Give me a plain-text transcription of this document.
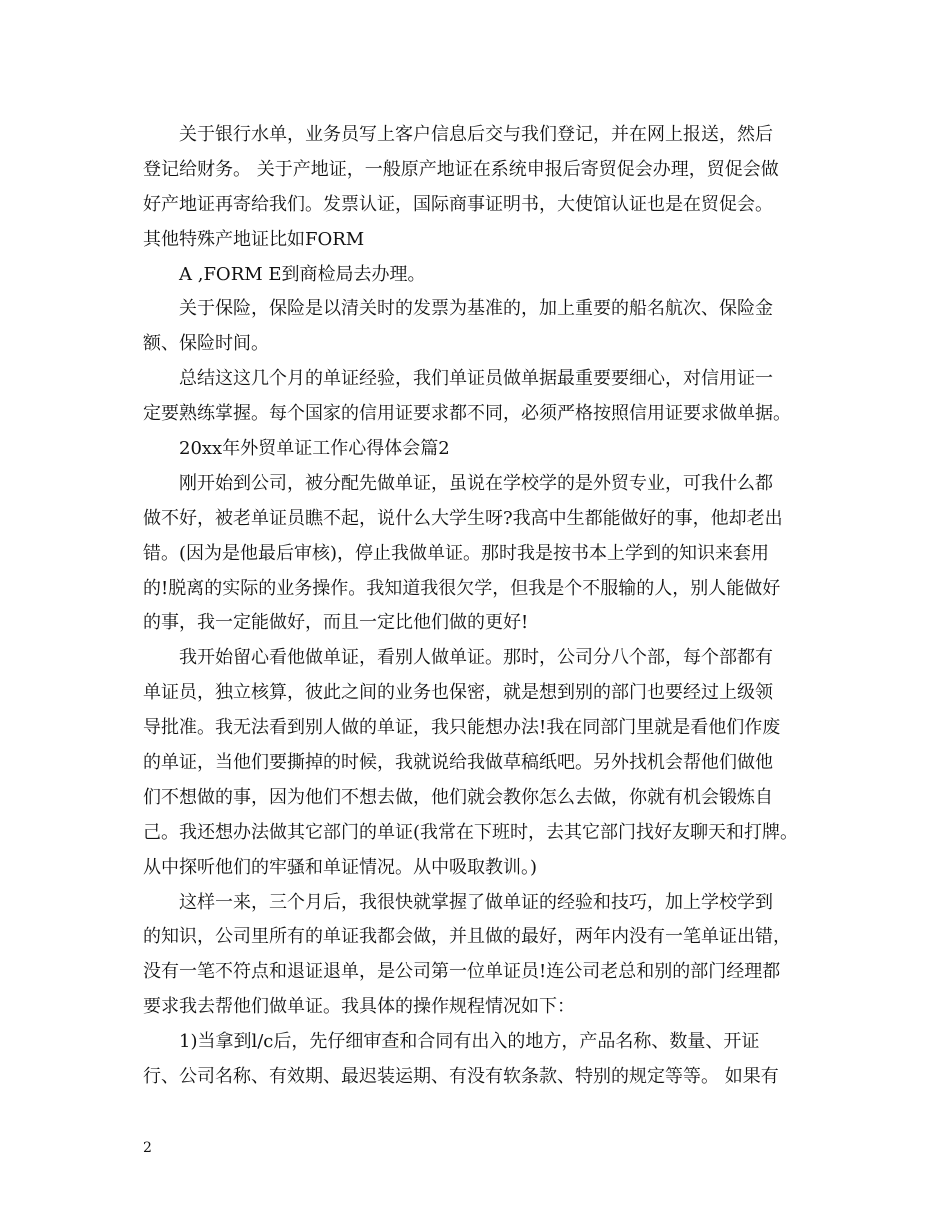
关于银行水单，业务员写上客户信息后交与我们登记，并在网上报送，然后
登记给财务。 关于产地证，一般原产地证在系统申报后寄贸促会办理，贸促会做
好产地证再寄给我们。发票认证，国际商事证明书，大使馆认证也是在贸促会。
其他特殊产地证比如FORM
A ,FORM E到商检局去办理。
关于保险，保险是以清关时的发票为基准的，加上重要的船名航次、保险金
额、保险时间。
总结这这几个月的单证经验，我们单证员做单据最重要要细心，对信用证一
定要熟练掌握。每个国家的信用证要求都不同，必须严格按照信用证要求做单据。
20xx年外贸单证工作心得体会篇2
刚开始到公司，被分配先做单证，虽说在学校学的是外贸专业，可我什么都
做不好，被老单证员瞧不起，说什么大学生呀?我高中生都能做好的事，他却老出
错。(因为是他最后审核)，停止我做单证。那时我是按书本上学到的知识来套用
的!脱离的实际的业务操作。我知道我很欠学，但我是个不服输的人，别人能做好
的事，我一定能做好，而且一定比他们做的更好!
我开始留心看他做单证，看别人做单证。那时，公司分八个部，每个部都有
单证员，独立核算，彼此之间的业务也保密，就是想到别的部门也要经过上级领
导批准。我无法看到别人做的单证，我只能想办法!我在同部门里就是看他们作废
的单证，当他们要撕掉的时候，我就说给我做草稿纸吧。另外找机会帮他们做他
们不想做的事，因为他们不想去做，他们就会教你怎么去做，你就有机会锻炼自
己。我还想办法做其它部门的单证(我常在下班时，去其它部门找好友聊天和打牌。
从中探听他们的牢骚和单证情况。从中吸取教训。)
这样一来，三个月后，我很快就掌握了做单证的经验和技巧，加上学校学到
的知识，公司里所有的单证我都会做，并且做的最好，两年内没有一笔单证出错，
没有一笔不符点和退证退单，是公司第一位单证员!连公司老总和别的部门经理都
要求我去帮他们做单证。我具体的操作规程情况如下：
1)当拿到l/c后，先仔细审查和合同有出入的地方，产品名称、数量、开证
行、公司名称、有效期、最迟装运期、有没有软条款、特别的规定等等。 如果有
2
